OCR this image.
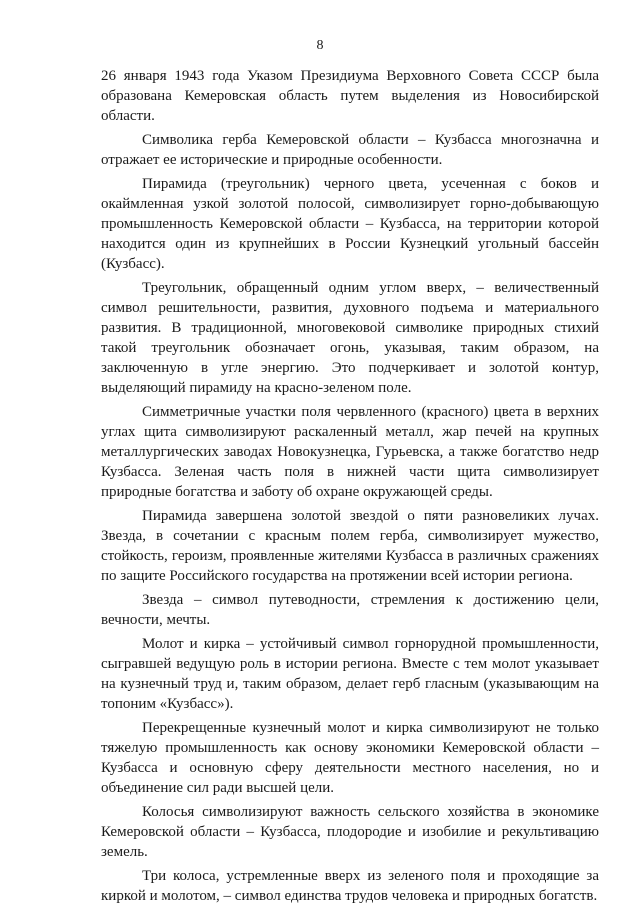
8

26 января 1943 года Указом Президиума Верховного Совета СССР была образована Кемеровская область путем выделения из Новосибирской области.

Символика герба Кемеровской области – Кузбасса многозначна и отражает ее исторические и природные особенности.

Пирамида (треугольник) черного цвета, усеченная с боков и окаймленная узкой золотой полосой, символизирует горно-добывающую промышленность Кемеровской области – Кузбасса, на территории которой находится один из крупнейших в России Кузнецкий угольный бассейн (Кузбасс).

Треугольник, обращенный одним углом вверх, – величественный символ решительности, развития, духовного подъема и материального развития. В традиционной, многовековой символике природных стихий такой треугольник обозначает огонь, указывая, таким образом, на заключенную в угле энергию. Это подчеркивает и золотой контур, выделяющий пирамиду на красно-зеленом поле.

Симметричные участки поля червленного (красного) цвета в верхних углах щита символизируют раскаленный металл, жар печей на крупных металлургических заводах Новокузнецка, Гурьевска, а также богатство недр Кузбасса. Зеленая часть поля в нижней части щита символизирует природные богатства и заботу об охране окружающей среды.

Пирамида завершена золотой звездой о пяти разновеликих лучах. Звезда, в сочетании с красным полем герба, символизирует мужество, стойкость, героизм, проявленные жителями Кузбасса в различных сражениях по защите Российского государства на протяжении всей истории региона.

Звезда – символ путеводности, стремления к достижению цели, вечности, мечты.

Молот и кирка – устойчивый символ горнорудной промышленности, сыгравшей ведущую роль в истории региона. Вместе с тем молот указывает на кузнечный труд и, таким образом, делает герб гласным (указывающим на топоним «Кузбасс»).

Перекрещенные кузнечный молот и кирка символизируют не только тяжелую промышленность как основу экономики Кемеровской области – Кузбасса и основную сферу деятельности местного населения, но и объединение сил ради высшей цели.

Колосья символизируют важность сельского хозяйства в экономике Кемеровской области – Кузбасса, плодородие и изобилие и рекультивацию земель.

Три колоса, устремленные вверх из зеленого поля и проходящие за киркой и молотом, – символ единства трудов человека и природных богатств.
